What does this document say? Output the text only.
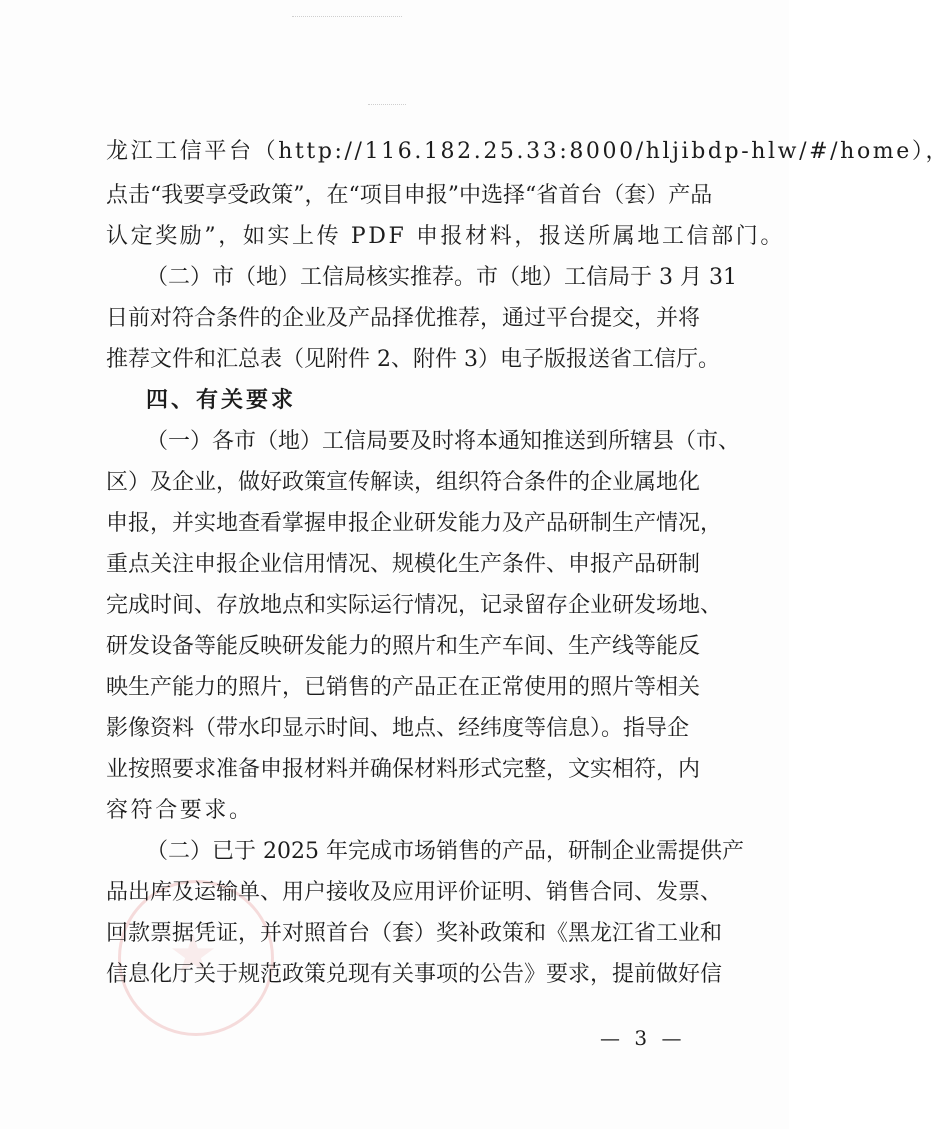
龙江工信平台（http://116.182.25.33:8000/hljibdp-hlw/#/home），
点击“我要享受政策”，在“项目申报”中选择“省首台（套）产品
认定奖励”，如实上传 PDF 申报材料，报送所属地工信部门。
（二）市（地）工信局核实推荐。市（地）工信局于 3 月 31
日前对符合条件的企业及产品择优推荐，通过平台提交，并将
推荐文件和汇总表（见附件 2、附件 3）电子版报送省工信厅。
四、有关要求
（一）各市（地）工信局要及时将本通知推送到所辖县（市、
区）及企业，做好政策宣传解读，组织符合条件的企业属地化
申报，并实地查看掌握申报企业研发能力及产品研制生产情况，
重点关注申报企业信用情况、规模化生产条件、申报产品研制
完成时间、存放地点和实际运行情况，记录留存企业研发场地、
研发设备等能反映研发能力的照片和生产车间、生产线等能反
映生产能力的照片，已销售的产品正在正常使用的照片等相关
影像资料（带水印显示时间、地点、经纬度等信息）。指导企
业按照要求准备申报材料并确保材料形式完整，文实相符，内
容符合要求。
（二）已于 2025 年完成市场销售的产品，研制企业需提供产
品出库及运输单、用户接收及应用评价证明、销售合同、发票、
回款票据凭证，并对照首台（套）奖补政策和《黑龙江省工业和
信息化厅关于规范政策兑现有关事项的公告》要求，提前做好信
— 3 —
